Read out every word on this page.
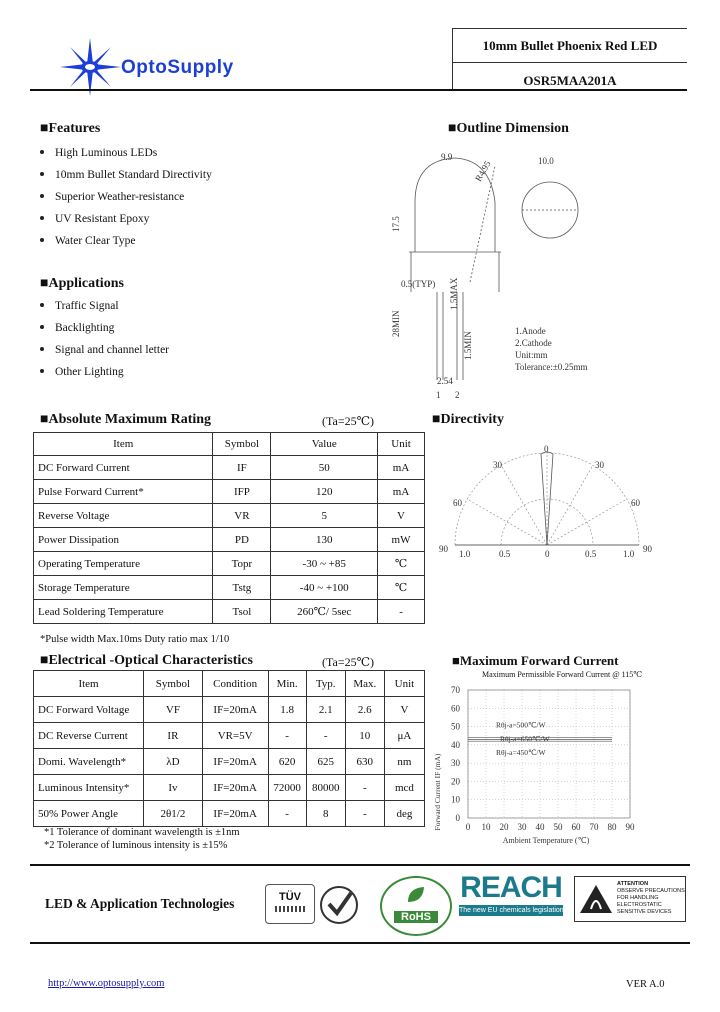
OptoSupply
10mm Bullet Phoenix Red LED
OSR5MAA201A
■Features
High Luminous LEDs
10mm Bullet Standard Directivity
Superior Weather-resistance
UV Resistant Epoxy
Water Clear Type
■Applications
Traffic Signal
Backlighting
Signal and channel letter
Other Lighting
■Outline Dimension
9.9	10.0
R4.95
17.5
0.5(TYP) 1.5MAX
28MIN
1.5MIN
2.54
1 2
1.Anode
2.Cathode
Unit:mm
Tolerance:±0.25mm
■Absolute Maximum Rating	(Ta=25℃)
Item	Symbol	Value	Unit
DC Forward Current	IF	50	mA
Pulse Forward Current*	IFP	120	mA
Reverse Voltage	VR	5	V
Power Dissipation	PD	130	mW
Operating Temperature	Topr	-30 ~ +85	℃
Storage Temperature	Tstg	-40 ~ +100	℃
Lead Soldering Temperature	Tsol	260℃/ 5sec	-
*Pulse width Max.10ms Duty ratio max 1/10
■Directivity
30
0
30
60	60
90	90
1.0	0.5	0	0.5	1.0
■Electrical -Optical Characteristics	(Ta=25℃)
Item	Symbol	Condition	Min.	Typ.	Max.	Unit
DC Forward Voltage	VF	IF=20mA	1.8	2.1	2.6	V
DC Reverse Current	IR	VR=5V	-	-	10	μA
Domi. Wavelength*	λD	IF=20mA	620	625	630	nm
Luminous Intensity*	Iv	IF=20mA	72000	80000	-	mcd
50% Power Angle	2θ1/2	IF=20mA	-	8	-	deg
*1 Tolerance of dominant wavelength is ±1nm
*2 Tolerance of luminous intensity is ±15%
■Maximum Forward Current
Maximum Permissible Forward Current @ 115℃
Forward Current IF (mA)
Ambient Temperature (℃)
0
10
20
30
40
50
60
70
0 10 20 30 40 50 60 70 80 90
Rθj-a=500℃/W
Rθj-a=650℃/W
Rθj-a=450℃/W
LED & Application Technologies	TÜV
RoHS
REACH
The new EU chemicals legislation
ATTENTION
OBSERVE PRECAUTIONS
FOR HANDLING
ELECTROSTATIC
SENSITIVE DEVICES
http://www.optosupply.com	VER A.0
